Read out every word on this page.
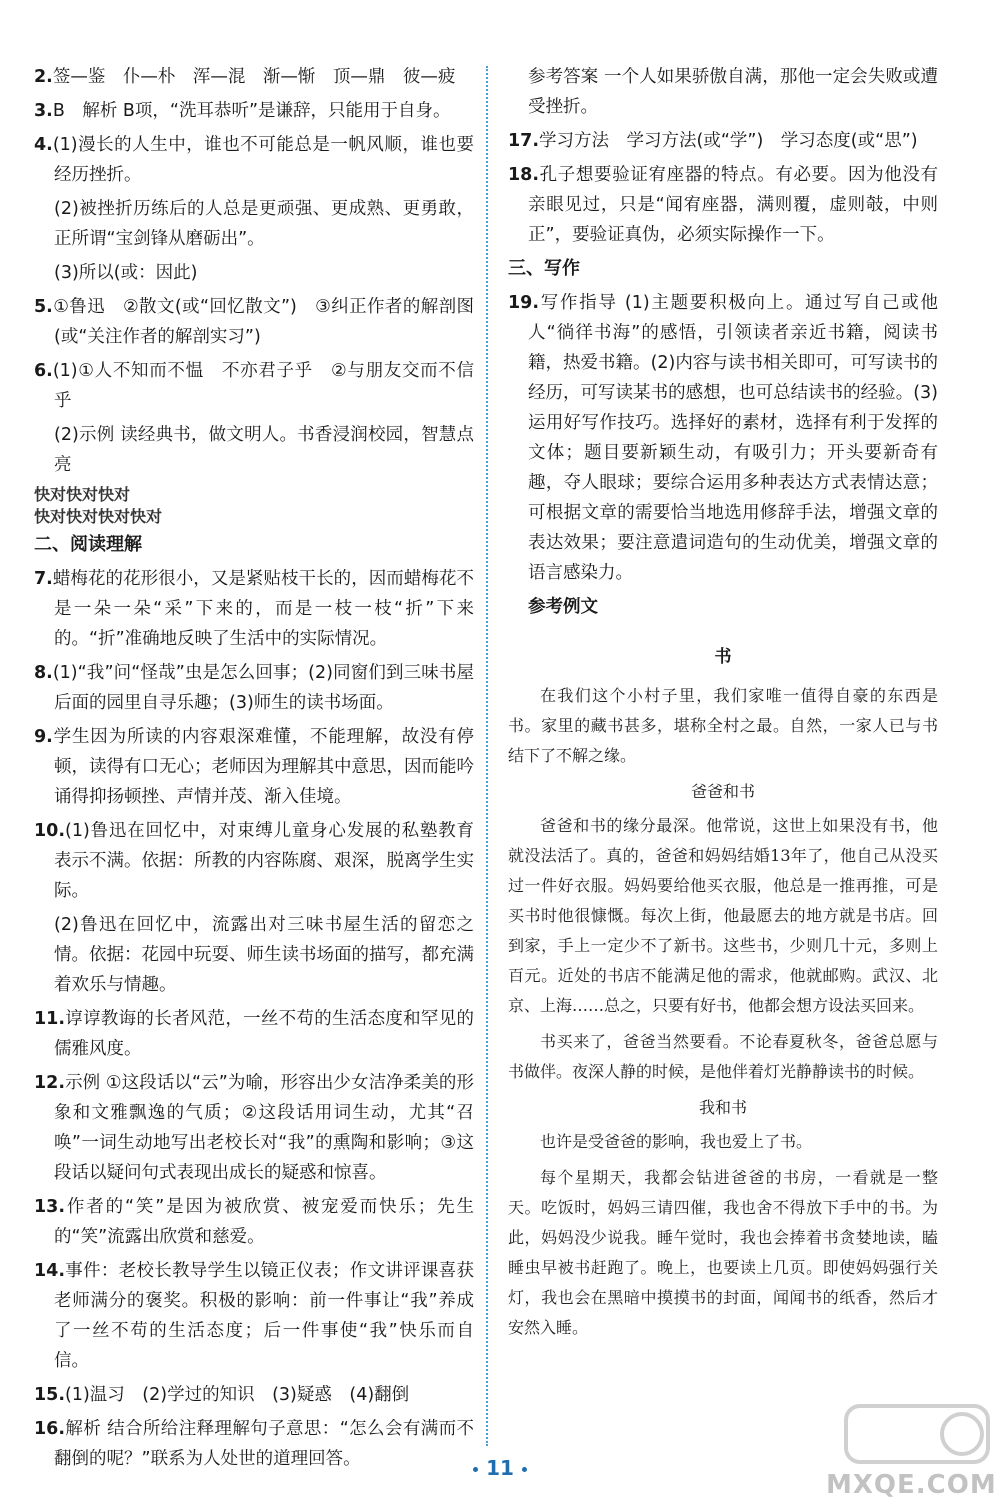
2.签—鉴　仆—朴　浑—混　渐—惭　顶—鼎　彼—疲

3.B　解析 B项，“洗耳恭听”是谦辞，只能用于自身。

4.(1)漫长的人生中，谁也不可能总是一帆风顺，谁也要经历挫折。

(2)被挫折历练后的人总是更顽强、更成熟、更勇敢，正所谓“宝剑锋从磨砺出”。

(3)所以(或：因此)

5.①鲁迅　②散文(或“回忆散文”)　③纠正作者的解剖图(或“关注作者的解剖实习”)

6.(1)①人不知而不愠　不亦君子乎　②与朋友交而不信乎

(2)示例 读经典书，做文明人。书香浸润校园，智慧点亮

快对快对快对

快对快对快对快对

二、阅读理解

7.蜡梅花的花形很小，又是紧贴枝干长的，因而蜡梅花不是一朵一朵“采”下来的，而是一枝一枝“折”下来的。“折”准确地反映了生活中的实际情况。

8.(1)“我”问“怪哉”虫是怎么回事；(2)同窗们到三味书屋后面的园里自寻乐趣；(3)师生的读书场面。

9.学生因为所读的内容艰深难懂，不能理解，故没有停顿，读得有口无心；老师因为理解其中意思，因而能吟诵得抑扬顿挫、声情并茂、渐入佳境。

10.(1)鲁迅在回忆中，对束缚儿童身心发展的私塾教育表示不满。依据：所教的内容陈腐、艰深，脱离学生实际。

(2)鲁迅在回忆中，流露出对三味书屋生活的留恋之情。依据：花园中玩耍、师生读书场面的描写，都充满着欢乐与情趣。

11.谆谆教诲的长者风范，一丝不苟的生活态度和罕见的儒雅风度。

12.示例 ①这段话以“云”为喻，形容出少女洁净柔美的形象和文雅飘逸的气质；②这段话用词生动，尤其“召唤”一词生动地写出老校长对“我”的熏陶和影响；③这段话以疑问句式表现出成长的疑惑和惊喜。

13.作者的“笑”是因为被欣赏、被宠爱而快乐；先生的“笑”流露出欣赏和慈爱。

14.事件：老校长教导学生以镜正仪表；作文讲评课喜获老师满分的褒奖。积极的影响：前一件事让“我”养成了一丝不苟的生活态度；后一件事使“我”快乐而自信。

15.(1)温习　(2)学过的知识　(3)疑惑　(4)翻倒

16.解析 结合所给注释理解句子意思：“怎么会有满而不翻倒的呢？”联系为人处世的道理回答。

参考答案 一个人如果骄傲自满，那他一定会失败或遭受挫折。

17.学习方法　学习方法(或“学”)　学习态度(或“思”)

18.孔子想要验证宥座器的特点。有必要。因为他没有亲眼见过，只是“闻宥座器，满则覆，虚则攲，中则正”，要验证真伪，必须实际操作一下。

三、写作

19.写作指导 (1)主题要积极向上。通过写自己或他人“徜徉书海”的感悟，引领读者亲近书籍，阅读书籍，热爱书籍。(2)内容与读书相关即可，可写读书的经历，可写读某书的感想，也可总结读书的经验。(3)运用好写作技巧。选择好的素材，选择有利于发挥的文体；题目要新颖生动，有吸引力；开头要新奇有趣，夺人眼球；要综合运用多种表达方式表情达意；可根据文章的需要恰当地选用修辞手法，增强文章的表达效果；要注意遣词造句的生动优美，增强文章的语言感染力。

参考例文

书

在我们这个小村子里，我们家唯一值得自豪的东西是书。家里的藏书甚多，堪称全村之最。自然，一家人已与书结下了不解之缘。

爸爸和书

爸爸和书的缘分最深。他常说，这世上如果没有书，他就没法活了。真的，爸爸和妈妈结婚13年了，他自己从没买过一件好衣服。妈妈要给他买衣服，他总是一推再推，可是买书时他很慷慨。每次上街，他最愿去的地方就是书店。回到家，手上一定少不了新书。这些书，少则几十元，多则上百元。近处的书店不能满足他的需求，他就邮购。武汉、北京、上海……总之，只要有好书，他都会想方设法买回来。

书买来了，爸爸当然要看。不论春夏秋冬，爸爸总愿与书做伴。夜深人静的时候，是他伴着灯光静静读书的时候。

我和书

也许是受爸爸的影响，我也爱上了书。

每个星期天，我都会钻进爸爸的书房，一看就是一整天。吃饭时，妈妈三请四催，我也舍不得放下手中的书。为此，妈妈没少说我。睡午觉时，我也会捧着书贪婪地读，瞌睡虫早被书赶跑了。晚上，也要读上几页。即使妈妈强行关灯，我也会在黑暗中摸摸书的封面，闻闻书的纸香，然后才安然入睡。

11
MXQE.COM
